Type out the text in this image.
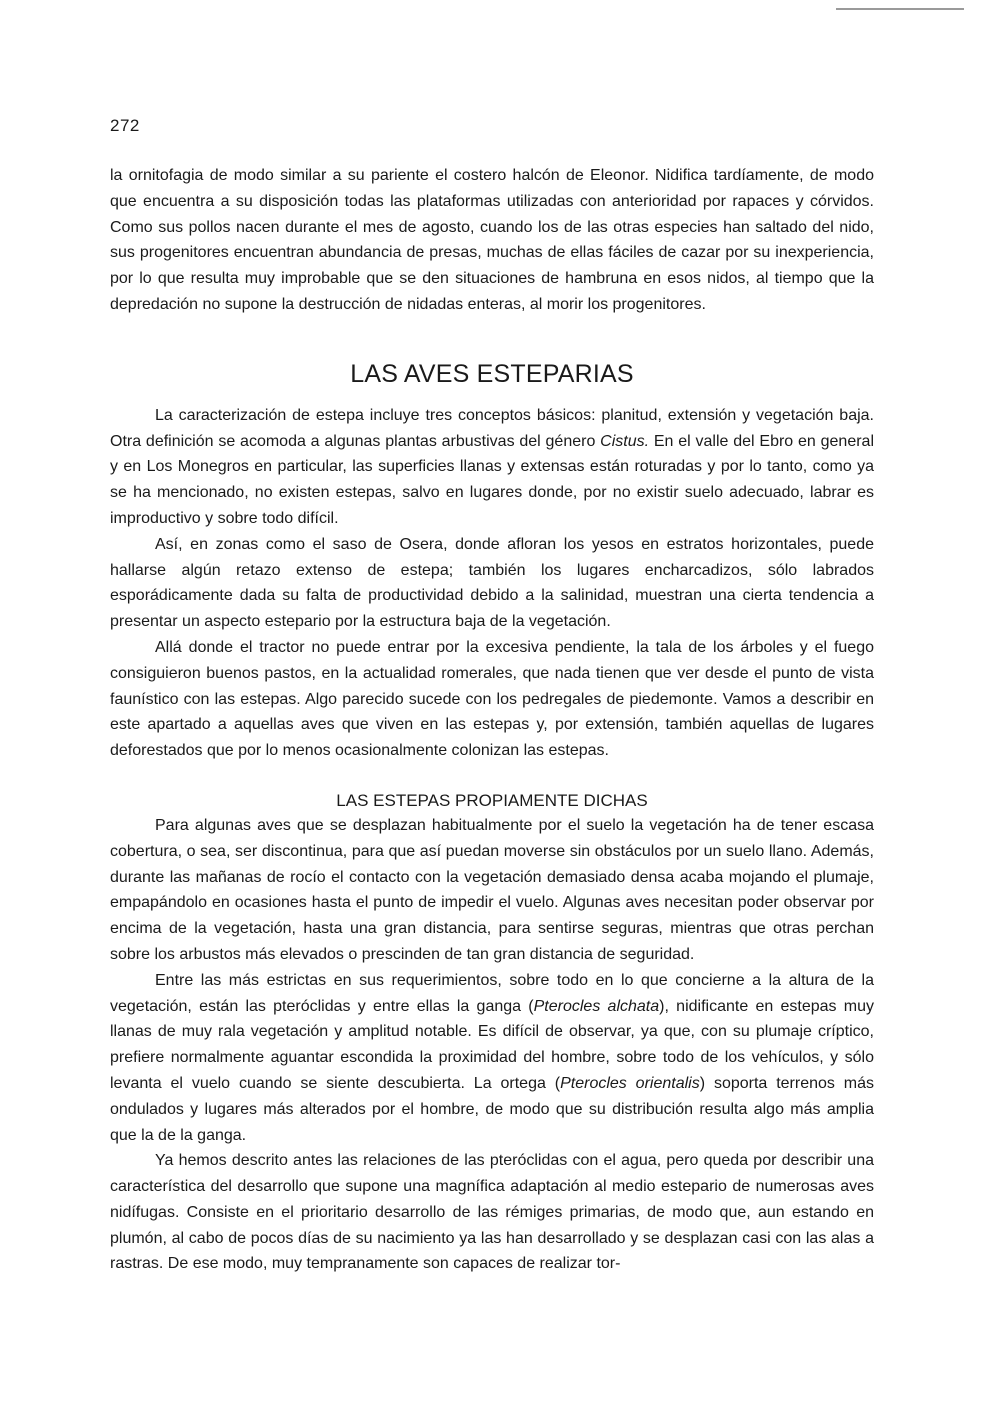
272

la ornitofagia de modo similar a su pariente el costero halcón de Eleonor. Nidifica tardíamente, de modo que encuentra a su disposición todas las plataformas utilizadas con anterioridad por rapaces y córvidos. Como sus pollos nacen durante el mes de agosto, cuando los de las otras especies han saltado del nido, sus progenitores encuentran abundancia de presas, muchas de ellas fáciles de cazar por su inexperiencia, por lo que resulta muy improbable que se den situaciones de hambruna en esos nidos, al tiempo que la depredación no supone la destrucción de nidadas enteras, al morir los progenitores.

LAS AVES ESTEPARIAS

La caracterización de estepa incluye tres conceptos básicos: planitud, extensión y vegetación baja. Otra definición se acomoda a algunas plantas arbustivas del género Cistus. En el valle del Ebro en general y en Los Monegros en particular, las superficies llanas y extensas están roturadas y por lo tanto, como ya se ha mencionado, no existen estepas, salvo en lugares donde, por no existir suelo adecuado, labrar es improductivo y sobre todo difícil.

Así, en zonas como el saso de Osera, donde afloran los yesos en estratos horizontales, puede hallarse algún retazo extenso de estepa; también los lugares encharcadizos, sólo labrados esporádicamente dada su falta de productividad debido a la salinidad, muestran una cierta tendencia a presentar un aspecto estepario por la estructura baja de la vegetación.

Allá donde el tractor no puede entrar por la excesiva pendiente, la tala de los árboles y el fuego consiguieron buenos pastos, en la actualidad romerales, que nada tienen que ver desde el punto de vista faunístico con las estepas. Algo parecido sucede con los pedregales de piedemonte. Vamos a describir en este apartado a aquellas aves que viven en las estepas y, por extensión, también aquellas de lugares deforestados que por lo menos ocasionalmente colonizan las estepas.

LAS ESTEPAS PROPIAMENTE DICHAS

Para algunas aves que se desplazan habitualmente por el suelo la vegetación ha de tener escasa cobertura, o sea, ser discontinua, para que así puedan moverse sin obstáculos por un suelo llano. Además, durante las mañanas de rocío el contacto con la vegetación demasiado densa acaba mojando el plumaje, empapándolo en ocasiones hasta el punto de impedir el vuelo. Algunas aves necesitan poder observar por encima de la vegetación, hasta una gran distancia, para sentirse seguras, mientras que otras perchan sobre los arbustos más elevados o prescinden de tan gran distancia de seguridad.

Entre las más estrictas en sus requerimientos, sobre todo en lo que concierne a la altura de la vegetación, están las pteróclidas y entre ellas la ganga (Pterocles alchata), nidificante en estepas muy llanas de muy rala vegetación y amplitud notable. Es difícil de observar, ya que, con su plumaje críptico, prefiere normalmente aguantar escondida la proximidad del hombre, sobre todo de los vehículos, y sólo levanta el vuelo cuando se siente descubierta. La ortega (Pterocles orientalis) soporta terrenos más ondulados y lugares más alterados por el hombre, de modo que su distribución resulta algo más amplia que la de la ganga.

Ya hemos descrito antes las relaciones de las pteróclidas con el agua, pero queda por describir una característica del desarrollo que supone una magnífica adaptación al medio estepario de numerosas aves nidífugas. Consiste en el prioritario desarrollo de las rémiges primarias, de modo que, aun estando en plumón, al cabo de pocos días de su nacimiento ya las han desarrollado y se desplazan casi con las alas a rastras. De ese modo, muy tempranamente son capaces de realizar tor-
